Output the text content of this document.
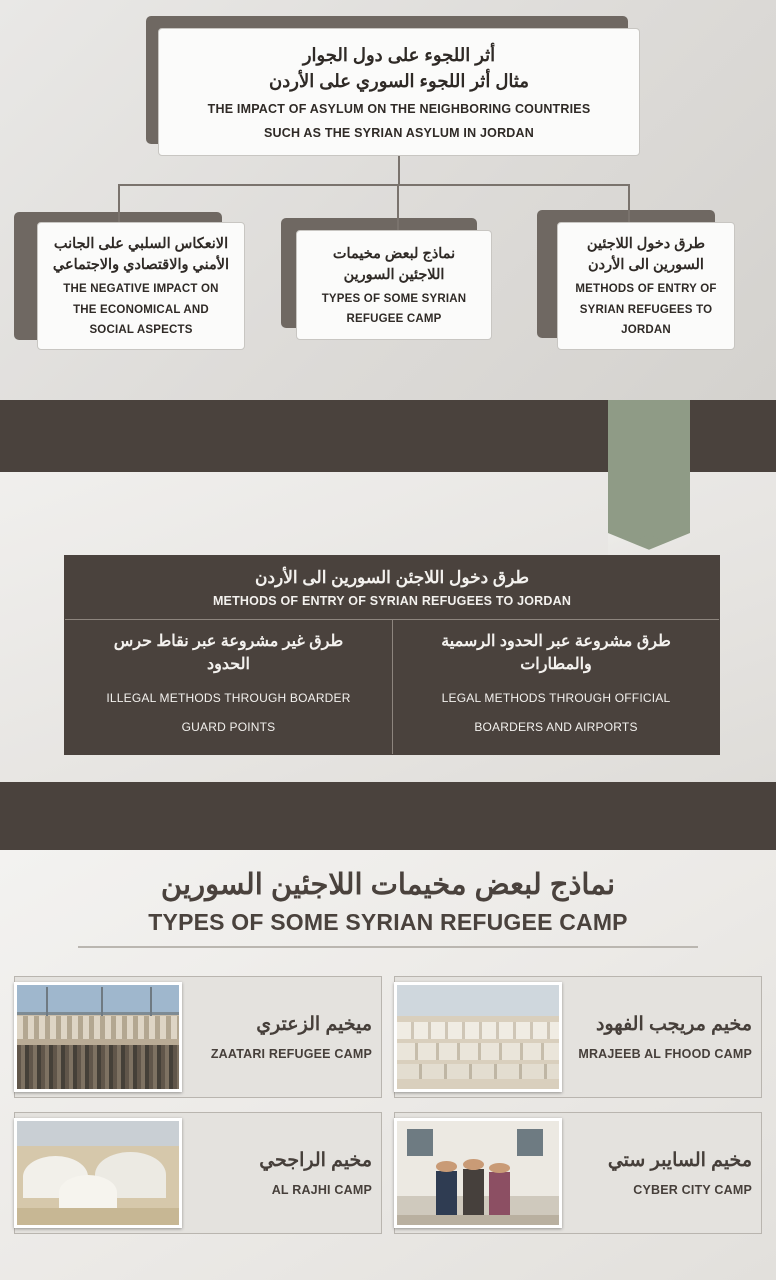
أثر اللجوء على دول الجوار
مثال أثر اللجوء السوري على الأردن
THE IMPACT OF ASYLUM ON THE NEIGHBORING COUNTRIES
SUCH AS THE SYRIAN ASYLUM IN JORDAN
الانعكاس السلبي على الجانب
الأمني والاقتصادي والاجتماعي
THE NEGATIVE IMPACT ON
THE ECONOMICAL AND
SOCIAL ASPECTS
نماذج لبعض مخيمات
اللاجئين السورين
TYPES OF SOME SYRIAN
REFUGEE CAMP
طرق دخول اللاجئين
السورين الى الأردن
METHODS OF ENTRY OF
SYRIAN REFUGEES TO
JORDAN
طرق دخول اللاجئن السورين الى الأردن
METHODS OF ENTRY OF SYRIAN REFUGEES TO JORDAN
طرق غير مشروعة عبر نقاط حرس
الحدود
ILLEGAL METHODS THROUGH BOARDER
GUARD POINTS
طرق مشروعة عبر الحدود الرسمية
والمطارات
LEGAL METHODS THROUGH OFFICIAL
BOARDERS AND AIRPORTS
نماذج لبعض مخيمات اللاجئين السورين
TYPES OF SOME SYRIAN REFUGEE CAMP
ميخيم الزعتري
ZAATARI REFUGEE CAMP
مخيم مريجب الفهود
MRAJEEB AL FHOOD CAMP
مخيم الراجحي
AL RAJHI CAMP
مخيم السايبر ستي
CYBER CITY CAMP
